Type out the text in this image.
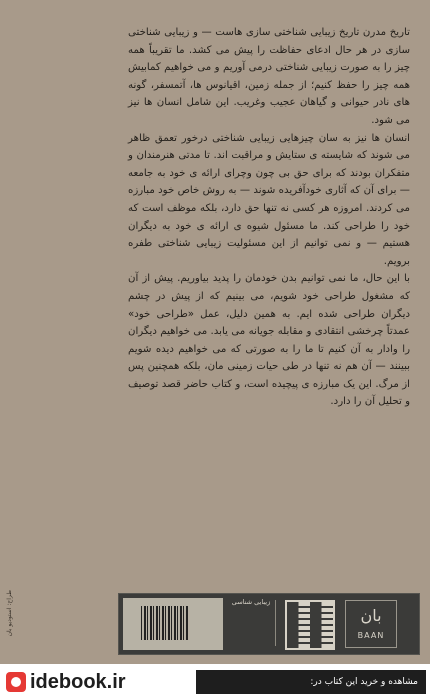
تاریخ مدرن تاریخ زیبایی شناختی سازی هاست — و زیبایی شناختی سازی در هر حال ادعای حفاظت را پیش می کشد. ما تقریباً همه چیز را به صورت زیبایی شناختی درمی آوریم و می خواهیم کمابیش همه چیز را حفظ کنیم؛ از جمله زمین، اقیانوس ها، آتمسفر، گونه های نادر حیوانی و گیاهان عجیب وغریب. این شامل انسان ها نیز می شود.

انسان ها نیز به سان چیزهایی زیبایی شناختی درخور تعمق ظاهر می شوند که شایسته ی ستایش و مراقبت اند. تا مدتی هنرمندان و متفکران بودند که برای حق بی چون وچرای ارائه ی خود به جامعه — برای آن که آثاری خودآفریده شوند — به روش خاص خود مبارزه می کردند. امروزه هر کسی نه تنها حق دارد، بلکه موظف است که خود را طراحی کند. ما مسئول شیوه ی ارائه ی خود به دیگران هستیم — و نمی توانیم از این مسئولیت زیبایی شناختی طفره برویم.

با این حال، ما نمی توانیم بدن خودمان را پدید بیاوریم. پیش از آن که مشغول طراحی خود شویم، می بینیم که از پیش در چشم دیگران طراحی شده ایم. به همین دلیل، عمل «طراحی خود» عمدتاً چرخشی انتقادی و مقابله جویانه می یابد. می خواهیم دیگران را وادار به آن کنیم تا ما را به صورتی که می خواهیم دیده شویم ببینند — آن هم نه تنها در طی حیات زمینی مان، بلکه همچنین پس از مرگ. این یک مبارزه ی پیچیده است، و کتاب حاضر قصد توصیف و تحلیل آن را دارد.

طراح: استودیو بان	زیبایی شناسی
بان
BAAN
idebook.ir	مشاهده و خرید این کتاب در:
